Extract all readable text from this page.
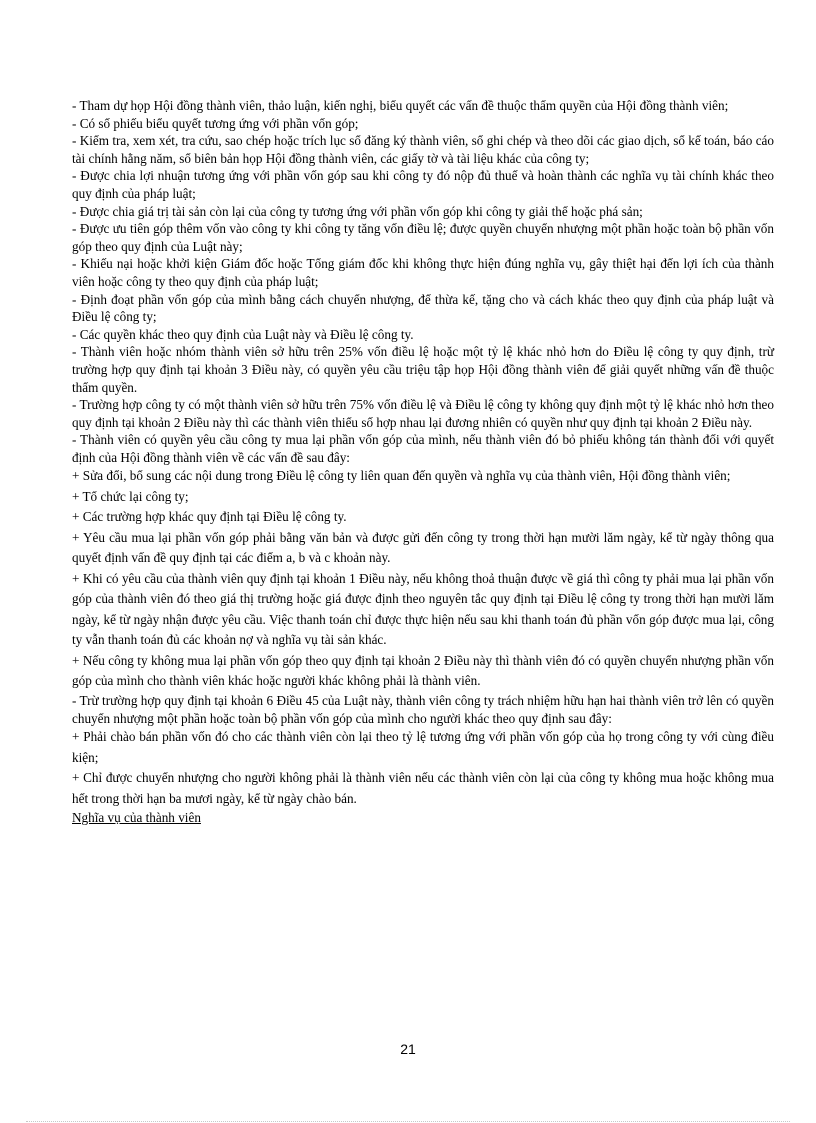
- Tham dự họp Hội đồng thành viên, thảo luận, kiến nghị, biểu quyết các vấn đề thuộc thẩm quyền của Hội đồng thành viên;

- Có số phiếu biểu quyết tương ứng với phần vốn góp;

- Kiểm tra, xem xét, tra cứu, sao chép hoặc trích lục sổ đăng ký thành viên, sổ ghi chép và theo dõi các giao dịch, sổ kế toán, báo cáo tài chính hằng năm, sổ biên bản họp Hội đồng thành viên, các giấy tờ và tài liệu khác của công ty;

- Được chia lợi nhuận tương ứng với phần vốn góp sau khi công ty đó nộp đủ thuế và hoàn thành các nghĩa vụ tài chính khác theo quy định của pháp luật;

- Được chia giá trị tài sản còn lại của công ty tương ứng với phần vốn góp khi công ty giải thể hoặc phá sản;

- Được ưu tiên góp thêm vốn vào công ty khi công ty tăng vốn điều lệ; được quyền chuyển nhượng một phần hoặc toàn bộ phần vốn góp theo quy định của Luật này;

- Khiếu nại hoặc khởi kiện Giám đốc hoặc Tổng giám đốc khi không thực hiện đúng nghĩa vụ, gây thiệt hại đến lợi ích của thành viên hoặc công ty theo quy định của pháp luật;

- Định đoạt phần vốn góp của mình bằng cách chuyển nhượng, để thừa kế, tặng cho và cách khác theo quy định của pháp luật và Điều lệ công ty;

- Các quyền khác theo quy định của Luật này và Điều lệ công ty.

- Thành viên hoặc nhóm thành viên sở hữu trên 25% vốn điều lệ hoặc một tỷ lệ khác nhỏ hơn do Điều lệ công ty quy định, trừ trường hợp quy định tại khoản 3 Điều này, có quyền yêu cầu triệu tập họp Hội đồng thành viên để giải quyết những vấn đề thuộc thẩm quyền.

- Trường hợp công ty có một thành viên sở hữu trên 75% vốn điều lệ và Điều lệ công ty không quy định một tỷ lệ khác nhỏ hơn theo quy định tại khoản 2 Điều này thì các thành viên thiểu số hợp nhau lại đương nhiên có quyền như quy định tại khoản 2 Điều này.

- Thành viên có quyền yêu cầu công ty mua lại phần vốn góp của mình, nếu thành viên đó bỏ phiếu không tán thành đối với quyết định của Hội đồng thành viên về các vấn đề sau đây:

+ Sửa đổi, bổ sung các nội dung trong Điều lệ công ty liên quan đến quyền và nghĩa vụ của thành viên, Hội đồng thành viên;

+ Tổ chức lại công ty;

+ Các trường hợp khác quy định tại Điều lệ công ty.

+ Yêu cầu mua lại phần vốn góp phải bằng văn bản và được gửi đến công ty trong thời hạn mười lăm ngày, kể từ ngày thông qua quyết định vấn đề quy định tại các điểm a, b và c khoản này.

+ Khi có yêu cầu của thành viên quy định tại khoản 1 Điều này, nếu không thoả thuận được về giá thì công ty phải mua lại phần vốn góp của thành viên đó theo giá thị trường hoặc giá được định theo nguyên tắc quy định tại Điều lệ công ty trong thời hạn mười lăm ngày, kể từ ngày nhận được yêu cầu. Việc thanh toán chỉ được thực hiện nếu sau khi thanh toán đủ phần vốn góp được mua lại, công ty vẫn thanh toán đủ các khoản nợ và nghĩa vụ tài sản khác.

+ Nếu công ty không mua lại phần vốn góp theo quy định tại khoản 2 Điều này thì thành viên đó có quyền chuyển nhượng phần vốn góp của mình cho thành viên khác hoặc người khác không phải là thành viên.

- Trừ trường hợp quy định tại khoản 6 Điều 45 của Luật này, thành viên công ty trách nhiệm hữu hạn hai thành viên trở lên có quyền chuyển nhượng một phần hoặc toàn bộ phần vốn góp của mình cho người khác theo quy định sau đây:

+ Phải chào bán phần vốn đó cho các thành viên còn lại theo tỷ lệ tương ứng với phần vốn góp của họ trong công ty với cùng điều kiện;

+ Chỉ được chuyển nhượng cho người không phải là thành viên nếu các thành viên còn lại của công ty không mua hoặc không mua hết trong thời hạn ba mươi ngày, kể từ ngày chào bán.

Nghĩa vụ của thành viên

21
